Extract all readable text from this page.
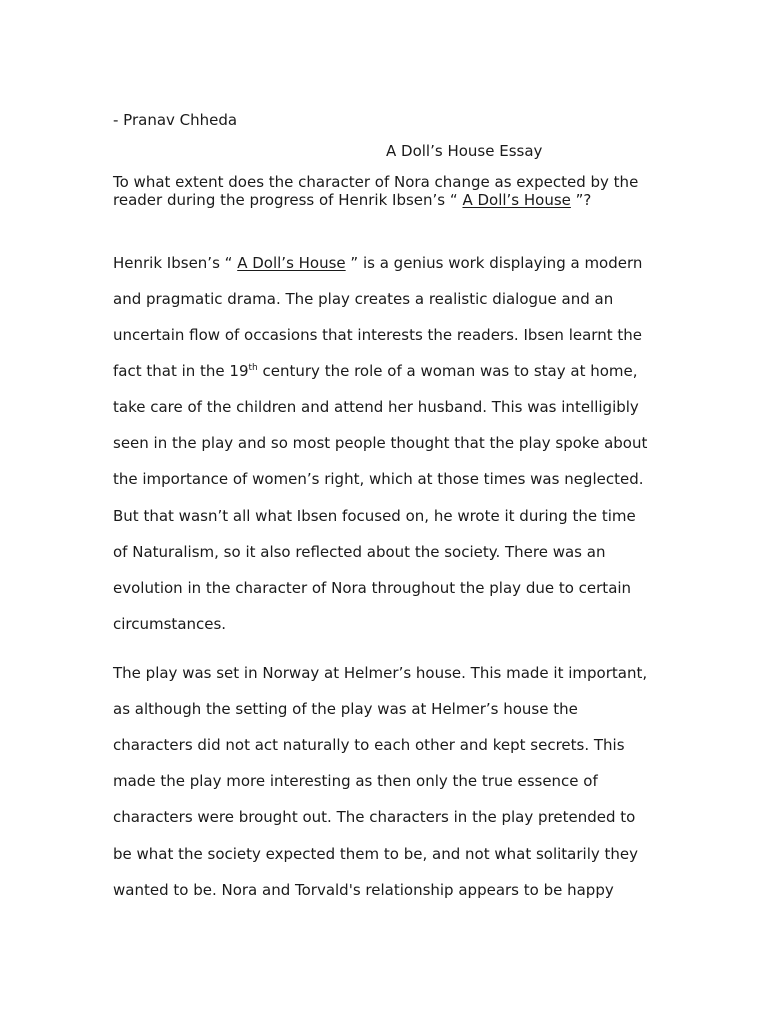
- Pranav Chheda

A Doll’s House Essay

To what extent does the character of Nora change as expected by the

reader during the progress of Henrik Ibsen’s “ A Doll’s House ”?

Henrik Ibsen’s “ A Doll’s House ” is a genius work displaying a modern

and pragmatic drama. The play creates a realistic dialogue and an

uncertain flow of occasions that interests the readers. Ibsen learnt the

fact that in the 19th century the role of a woman was to stay at home,

take care of the children and attend her husband. This was intelligibly

seen in the play and so most people thought that the play spoke about

the importance of women’s right, which at those times was neglected.

But that wasn’t all what Ibsen focused on, he wrote it during the time

of Naturalism, so it also reflected about the society. There was an

evolution in the character of Nora throughout the play due to certain

circumstances.

The play was set in Norway at Helmer’s house. This made it important,

as although the setting of the play was at Helmer’s house the

characters did not act naturally to each other and kept secrets. This

made the play more interesting as then only the true essence of

characters were brought out. The characters in the play pretended to

be what the society expected them to be, and not what solitarily they

wanted to be. Nora and Torvald's relationship appears to be happy
